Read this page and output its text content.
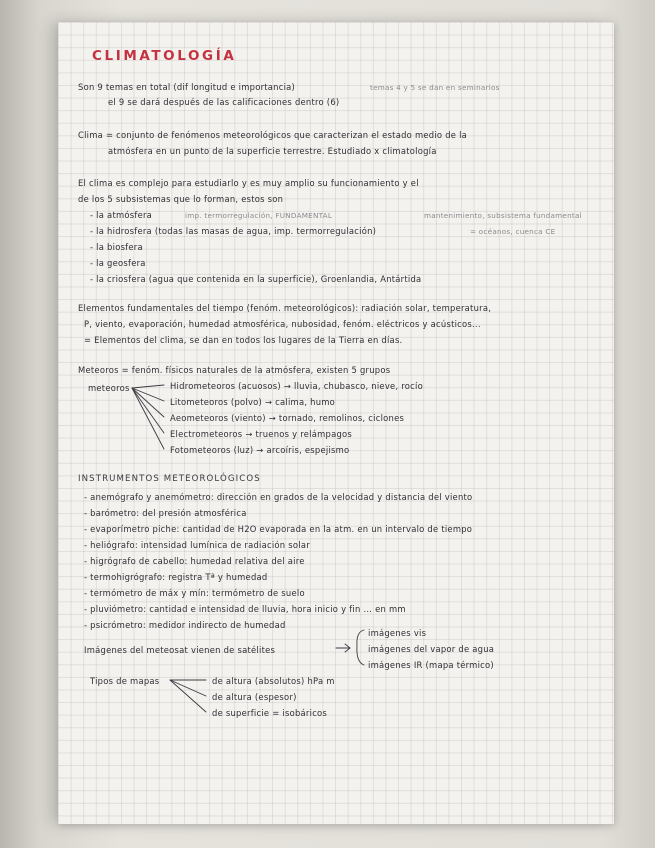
CLIMATOLOGÍA
Son 9 temas en total (dif longitud e importancia)	temas 4 y 5 se dan en seminarios
el 9 se dará después de las calificaciones dentro (6)
Clima = conjunto de fenómenos meteorológicos que caracterizan el estado medio de la
atmósfera en un punto de la superficie terrestre. Estudiado x climatología
El clima es complejo para estudiarlo y es muy amplio su funcionamiento y el
de los 5 subsistemas que lo forman, estos son
- la atmósfera	imp. termorregulación, FUNDAMENTAL	mantenimiento, subsistema fundamental
- la hidrosfera (todas las masas de agua, imp. termorregulación)	= océanos, cuenca CE
- la biosfera
- la geosfera
- la criosfera (agua que contenida en la superficie), Groenlandia, Antártida
Elementos fundamentales del tiempo (fenóm. meteorológicos): radiación solar, temperatura,
P, viento, evaporación, humedad atmosférica, nubosidad, fenóm. eléctricos y acústicos...
= Elementos del clima, se dan en todos los lugares de la Tierra en días.
Meteoros = fenóm. físicos naturales de la atmósfera, existen 5 grupos
meteoros	Hidrometeoros (acuosos) → lluvia, chubasco, nieve, rocío
Litometeoros (polvo) → calima, humo
Aeometeoros (viento) → tornado, remolinos, ciclones
Electrometeoros → truenos y relámpagos
Fotometeoros (luz) → arcoíris, espejismo
INSTRUMENTOS METEOROLÓGICOS
- anemógrafo y anemómetro: dirección en grados de la velocidad y distancia del viento
- barómetro: del presión atmosférica
- evaporímetro piche: cantidad de H2O evaporada en la atm. en un intervalo de tiempo
- heliógrafo: intensidad lumínica de radiación solar
- higrógrafo de cabello: humedad relativa del aire
- termohigrógrafo: registra Tª y humedad
- termómetro de máx y mín: termómetro de suelo
- pluviómetro: cantidad e intensidad de lluvia, hora inicio y fin ... en mm
- psicrómetro: medidor indirecto de humedad
Imágenes del meteosat vienen de satélites
imágenes vis
imágenes del vapor de agua
imágenes IR (mapa térmico)
Tipos de mapas	de altura (absolutos) hPa m
de altura (espesor)
de superficie = isobáricos
